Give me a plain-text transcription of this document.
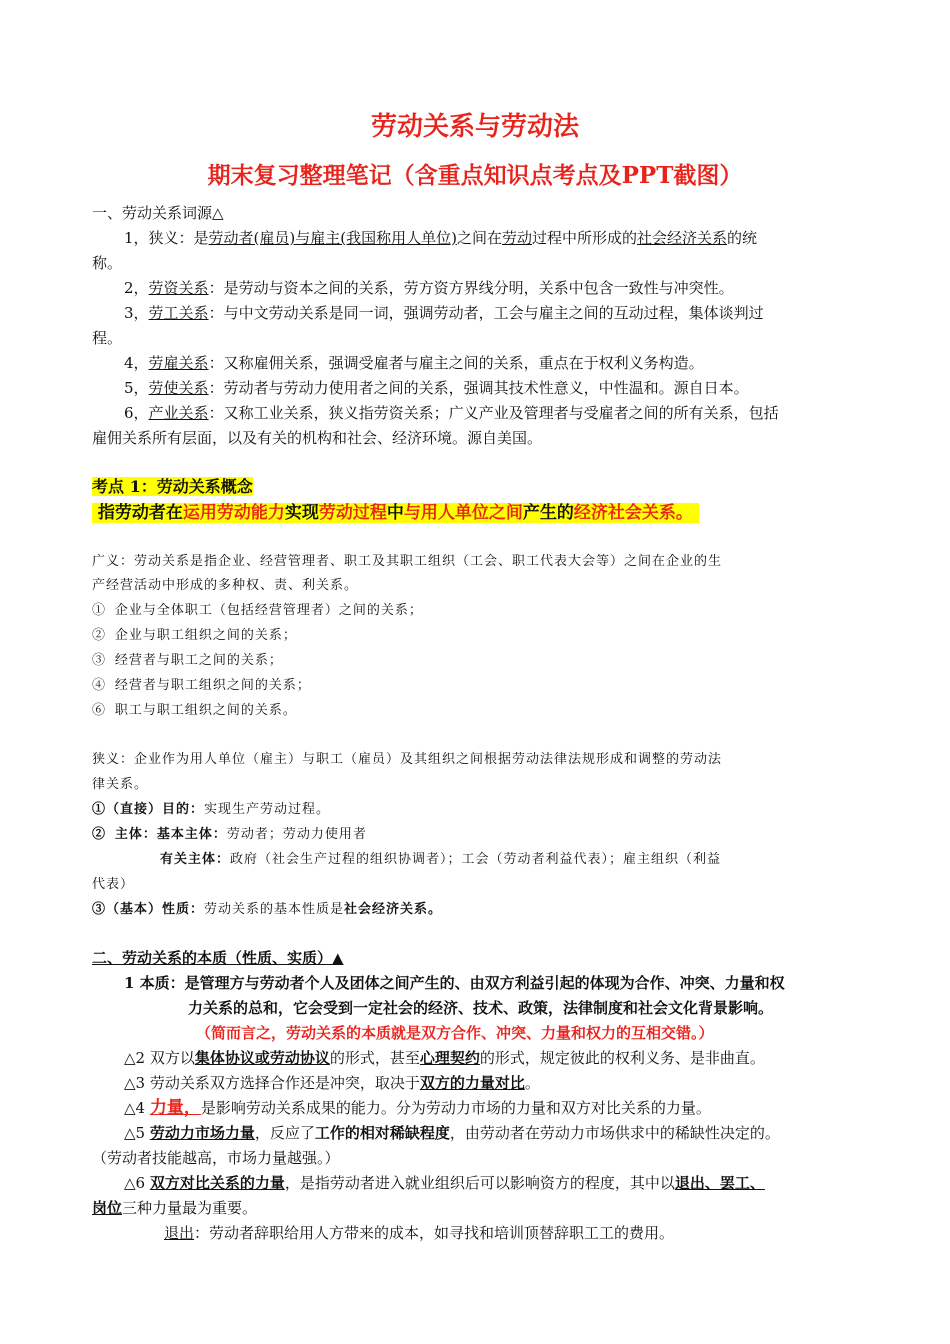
劳动关系与劳动法
期末复习整理笔记（含重点知识点考点及PPT截图）
一、劳动关系词源△
1，狭义：是劳动者(雇员)与雇主(我国称用人单位)之间在劳动过程中所形成的社会经济关系的统
称。
2，劳资关系：是劳动与资本之间的关系，劳方资方界线分明，关系中包含一致性与冲突性。
3，劳工关系：与中文劳动关系是同一词，强调劳动者，工会与雇主之间的互动过程，集体谈判过
程。
4，劳雇关系：又称雇佣关系，强调受雇者与雇主之间的关系，重点在于权利义务构造。
5，劳使关系：劳动者与劳动力使用者之间的关系，强调其技术性意义，中性温和。源自日本。
6，产业关系：又称工业关系，狭义指劳资关系；广义产业及管理者与受雇者之间的所有关系，包括
雇佣关系所有层面，以及有关的机构和社会、经济环境。源自美国。
考点 1：劳动关系概念
指劳动者在运用劳动能力实现劳动过程中与用人单位之间产生的经济社会关系。
广义：劳动关系是指企业、经营管理者、职工及其职工组织（工会、职工代表大会等）之间在企业的生
产经营活动中形成的多种权、责、利关系。
① 企业与全体职工（包括经营管理者）之间的关系；
② 企业与职工组织之间的关系；
③ 经营者与职工之间的关系；
④ 经营者与职工组织之间的关系；
⑥ 职工与职工组织之间的关系。
狭义：企业作为用人单位（雇主）与职工（雇员）及其组织之间根据劳动法律法规形成和调整的劳动法
律关系。
①（直接）目的：实现生产劳动过程。
② 主体：基本主体：劳动者；劳动力使用者
有关主体：政府（社会生产过程的组织协调者）；工会（劳动者利益代表）；雇主组织（利益
代表）
③（基本）性质：劳动关系的基本性质是社会经济关系。
二、劳动关系的本质（性质、实质）▲
1 本质：是管理方与劳动者个人及团体之间产生的、由双方利益引起的体现为合作、冲突、力量和权
力关系的总和，它会受到一定社会的经济、技术、政策，法律制度和社会文化背景影响。
（简而言之，劳动关系的本质就是双方合作、冲突、力量和权力的互相交错。）
△2 双方以集体协议或劳动协议的形式，甚至心理契约的形式，规定彼此的权利义务、是非曲直。
△3 劳动关系双方选择合作还是冲突，取决于双方的力量对比。
△4 力量，是影响劳动关系成果的能力。分为劳动力市场的力量和双方对比关系的力量。
△5 劳动力市场力量，反应了工作的相对稀缺程度，由劳动者在劳动力市场供求中的稀缺性决定的。
（劳动者技能越高，市场力量越强。）
△6 双方对比关系的力量，是指劳动者进入就业组织后可以影响资方的程度，其中以退出、罢工、
岗位三种力量最为重要。
退出：劳动者辞职给用人方带来的成本，如寻找和培训顶替辞职工工的费用。
